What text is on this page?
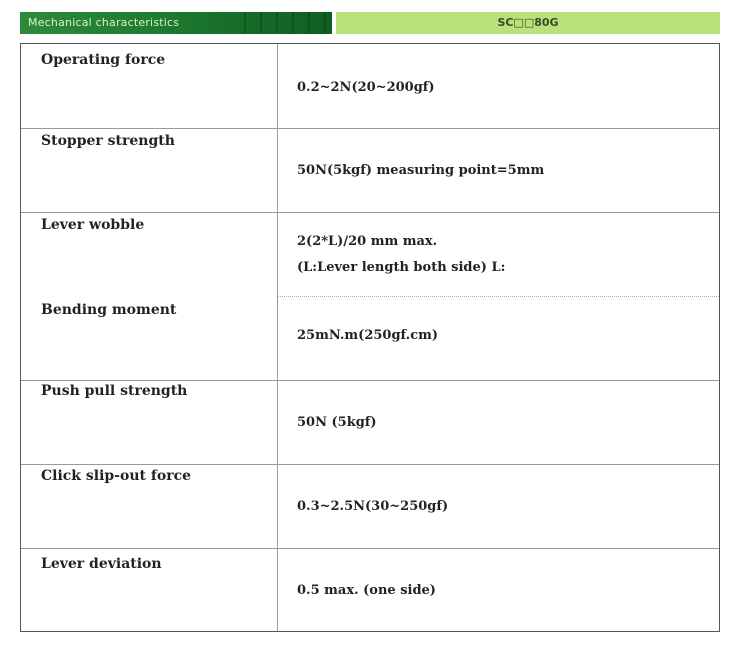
Mechanical characteristics	SC□□80G
Operating force
0.2~2N(20~200gf)
Stopper strength
50N(5kgf) measuring point=5mm
Lever wobble
2(2*L)/20 mm max.
(L:Lever length both side) L:
Bending moment
25mN.m(250gf.cm)
Push pull strength
50N (5kgf)
Click slip-out force
0.3~2.5N(30~250gf)
Lever deviation
0.5 max. (one side)
